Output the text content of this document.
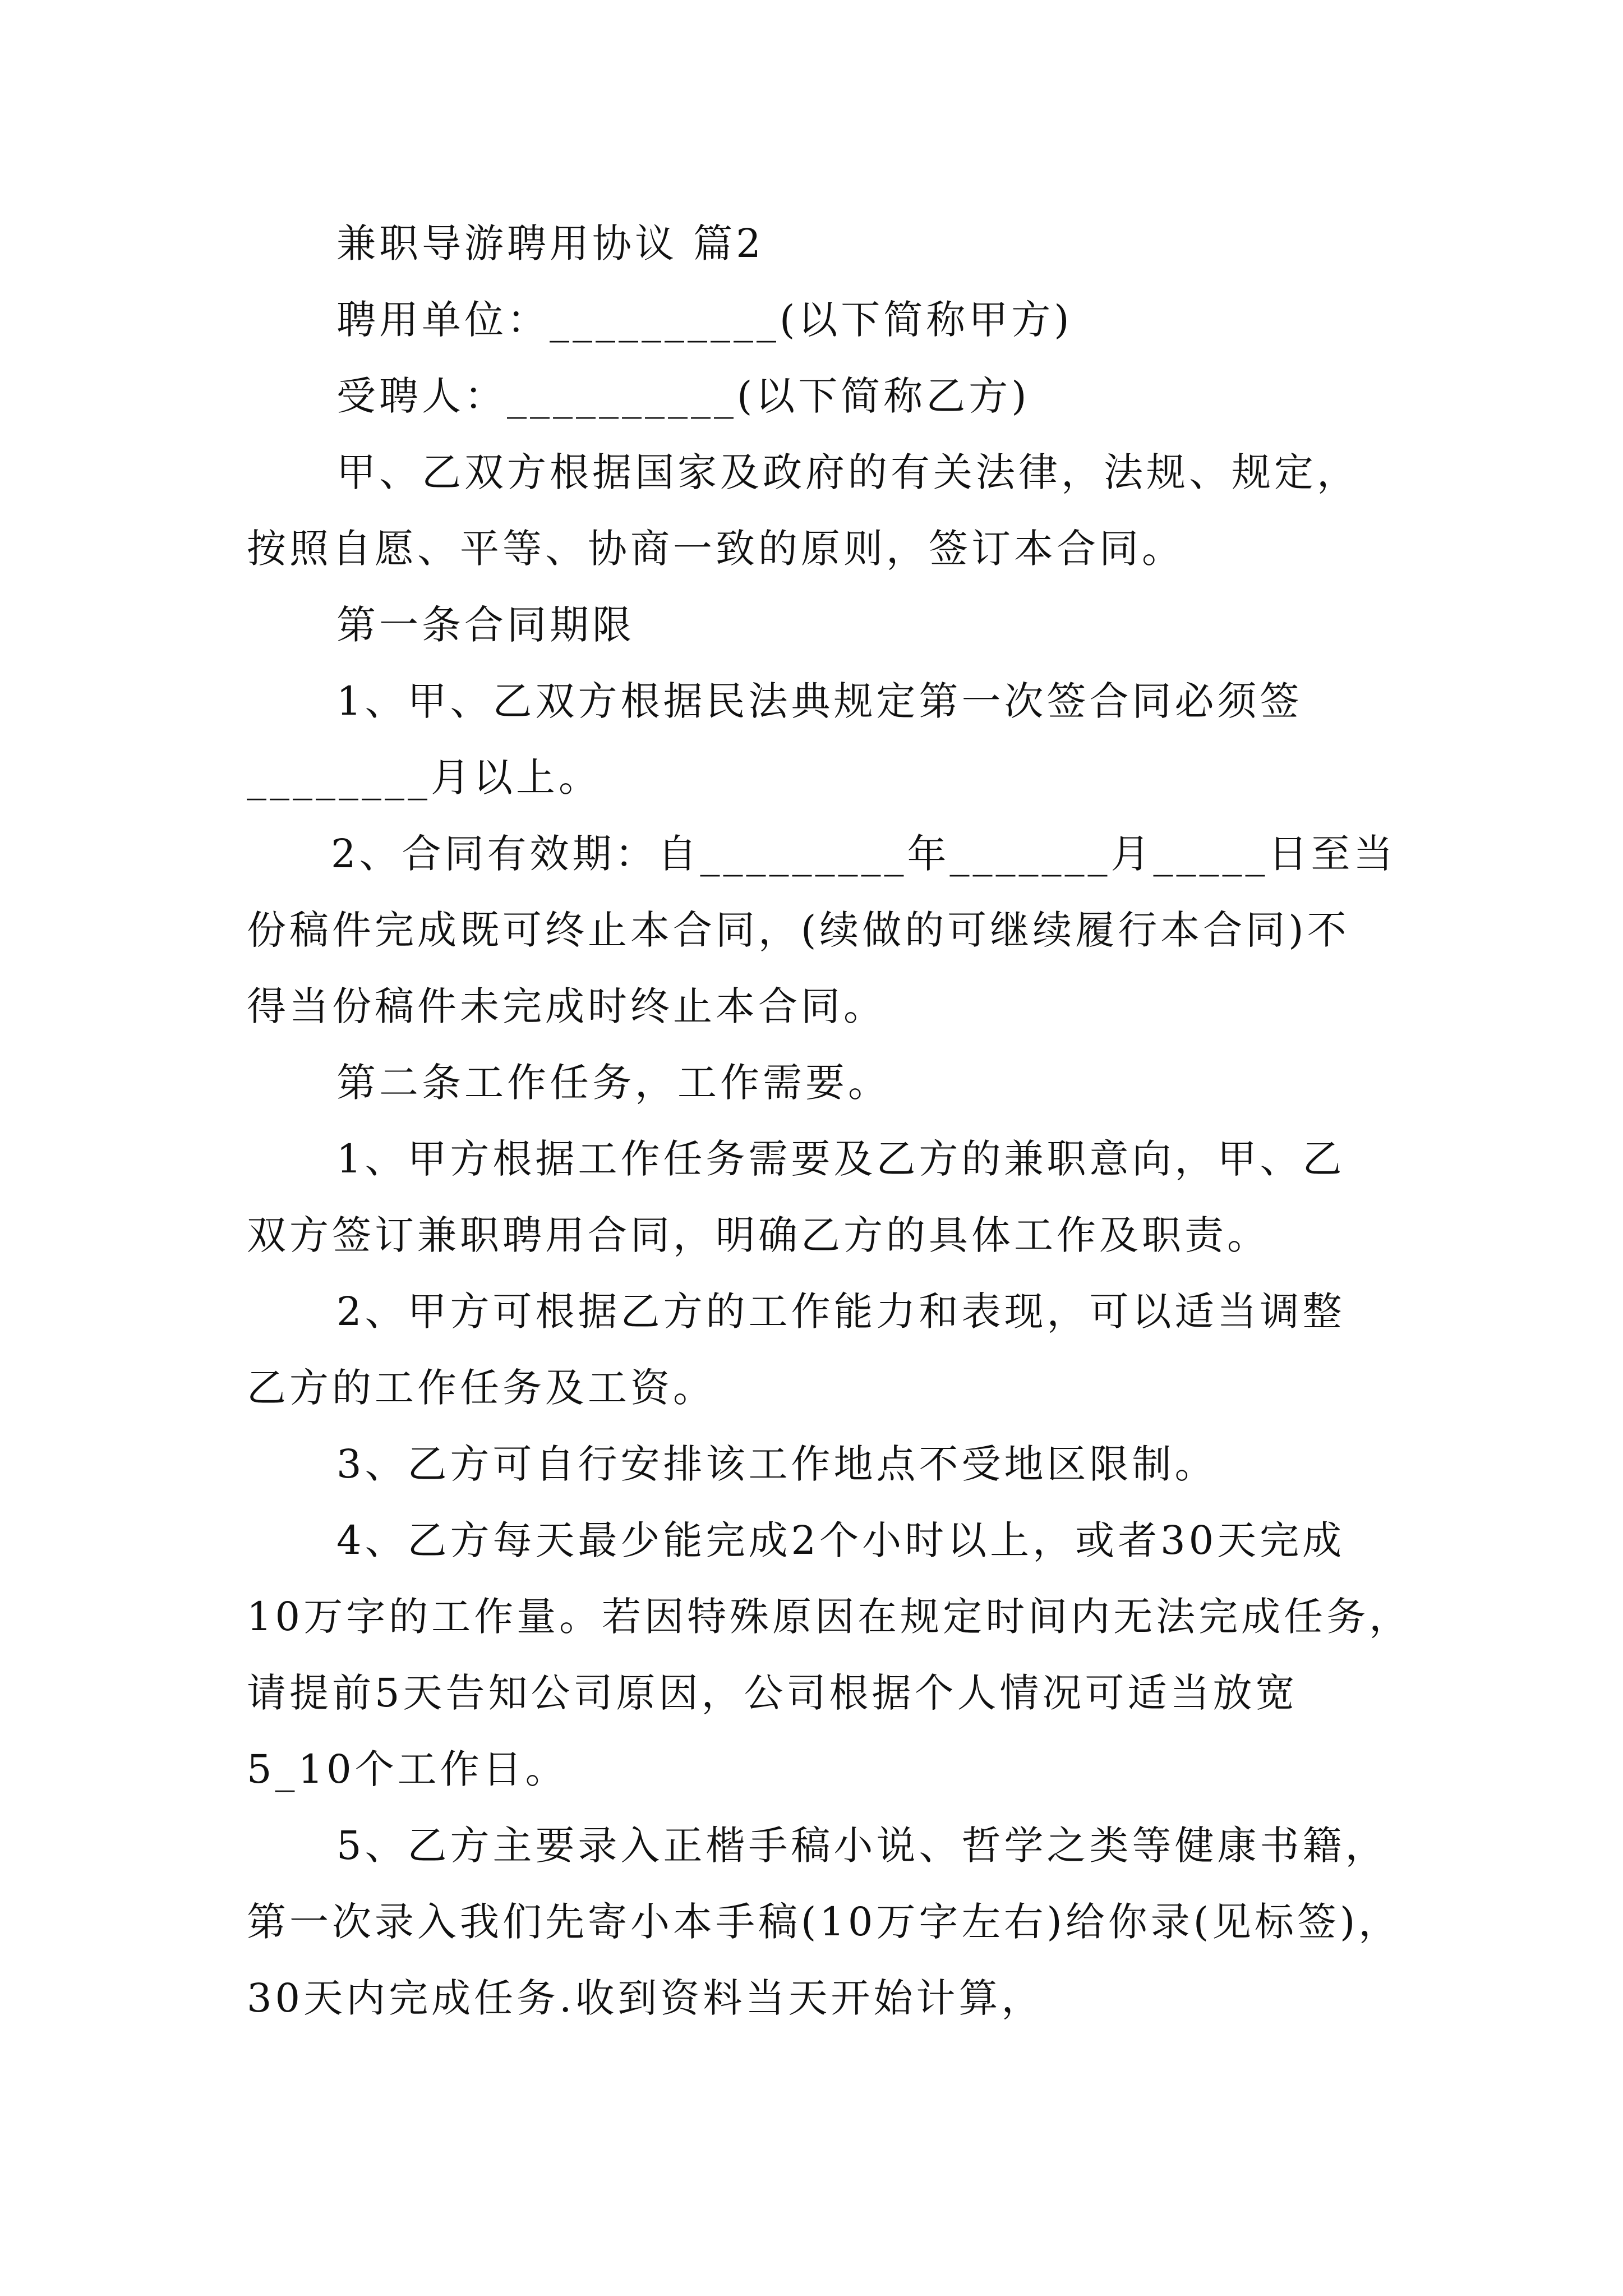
兼职导游聘用协议 篇2
聘用单位：__________(以下简称甲方)
受聘人：__________(以下简称乙方)
甲、乙双方根据国家及政府的有关法律，法规、规定，
按照自愿、平等、协商一致的原则，签订本合同。
第一条合同期限
1、甲、乙双方根据民法典规定第一次签合同必须签
________月以上。
2、合同有效期：自_________年_______月_____日至当
份稿件完成既可终止本合同，(续做的可继续履行本合同)不
得当份稿件未完成时终止本合同。
第二条工作任务，工作需要。
1、甲方根据工作任务需要及乙方的兼职意向，甲、乙
双方签订兼职聘用合同，明确乙方的具体工作及职责。
2、甲方可根据乙方的工作能力和表现，可以适当调整
乙方的工作任务及工资。
3、乙方可自行安排该工作地点不受地区限制。
4、乙方每天最少能完成2个小时以上，或者30天完成
10万字的工作量。若因特殊原因在规定时间内无法完成任务，
请提前5天告知公司原因，公司根据个人情况可适当放宽
5_10个工作日。
5、乙方主要录入正楷手稿小说、哲学之类等健康书籍，
第一次录入我们先寄小本手稿(10万字左右)给你录(见标签)，
30天内完成任务.收到资料当天开始计算，
